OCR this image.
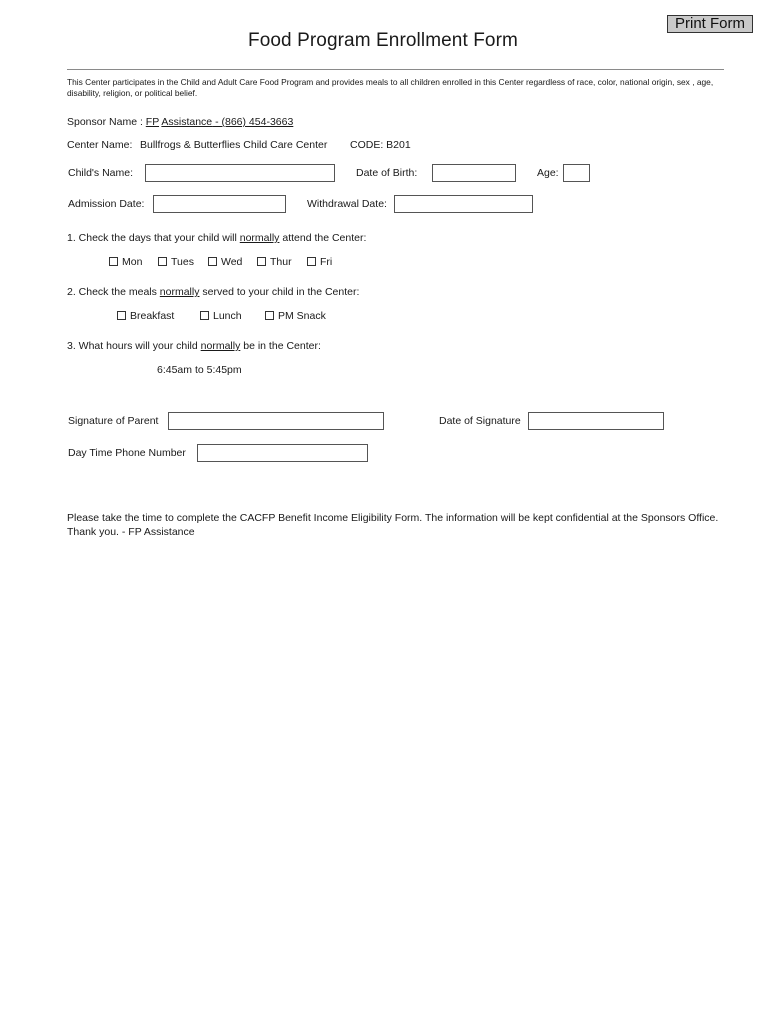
Food Program Enrollment Form
Print Form
This Center participates in the Child and Adult Care Food Program and provides meals to all children enrolled in this Center regardless of race, color, national origin, sex , age, disability, religion, or political belief.
Sponsor Name : FP Assistance - (866) 454-3663
Center Name: Bullfrogs & Butterflies Child Care Center CODE: B201
Child's Name:	Date of Birth:	Age:
Admission Date:	Withdrawal Date:
1. Check the days that your child will normally attend the Center:
Mon	Tues	Wed	Thur	Fri
2. Check the meals normally served to your child in the Center:
Breakfast	Lunch	PM Snack
3. What hours will your child normally be in the Center:
6:45am to 5:45pm
Signature of Parent	Date of Signature
Day Time Phone Number
Please take the time to complete the CACFP Benefit Income Eligibility Form. The information will be kept confidential at the Sponsors Office. Thank you. - FP Assistance
